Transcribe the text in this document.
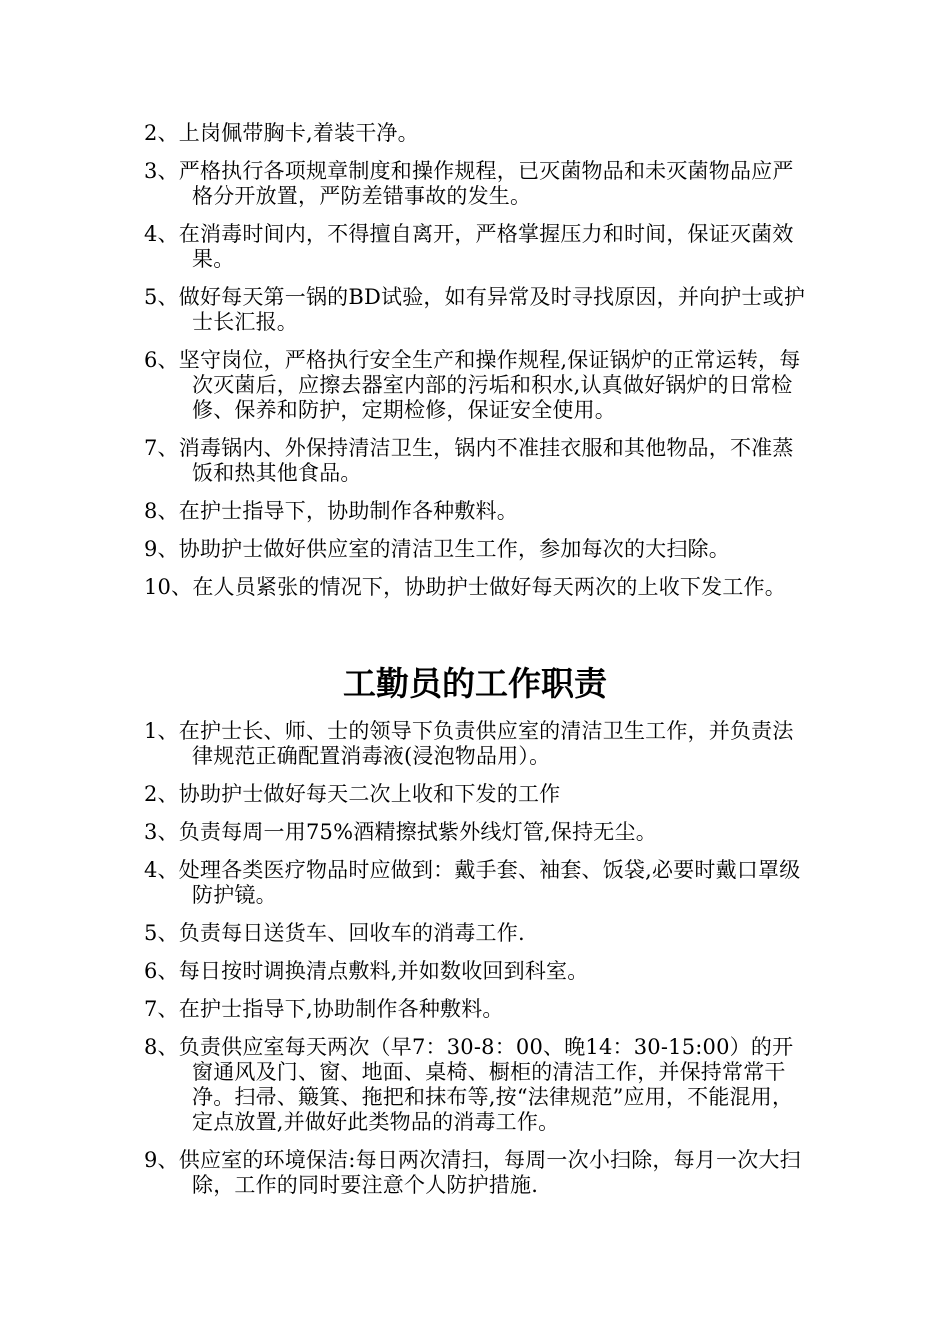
2、上岗佩带胸卡,着装干净。
3、严格执行各项规章制度和操作规程，已灭菌物品和未灭菌物品应严格分开放置，严防差错事故的发生。
4、在消毒时间内，不得擅自离开，严格掌握压力和时间，保证灭菌效果。
5、做好每天第一锅的BD试验，如有异常及时寻找原因，并向护士或护士长汇报。
6、坚守岗位，严格执行安全生产和操作规程,保证锅炉的正常运转，每次灭菌后，应擦去器室内部的污垢和积水,认真做好锅炉的日常检修、保养和防护，定期检修，保证安全使用。
7、消毒锅内、外保持清洁卫生，锅内不准挂衣服和其他物品，不准蒸饭和热其他食品。
8、在护士指导下，协助制作各种敷料。
9、协助护士做好供应室的清洁卫生工作，参加每次的大扫除。
10、在人员紧张的情况下，协助护士做好每天两次的上收下发工作。
工勤员的工作职责
1、在护士长、师、士的领导下负责供应室的清洁卫生工作，并负责法律规范正确配置消毒液(浸泡物品用）。
2、协助护士做好每天二次上收和下发的工作
3、负责每周一用75%酒精擦拭紫外线灯管,保持无尘。
4、处理各类医疗物品时应做到：戴手套、袖套、饭袋,必要时戴口罩级防护镜。
5、负责每日送货车、回收车的消毒工作.
6、每日按时调换清点敷料,并如数收回到科室。
7、在护士指导下,协助制作各种敷料。
8、负责供应室每天两次（早7：30-8：00、晚14：30-15:00）的开窗通风及门、窗、地面、桌椅、橱柜的清洁工作，并保持常常干净。扫帚、簸箕、拖把和抹布等,按“法律规范”应用，不能混用，定点放置,并做好此类物品的消毒工作。
9、供应室的环境保洁:每日两次清扫，每周一次小扫除，每月一次大扫除，工作的同时要注意个人防护措施.
